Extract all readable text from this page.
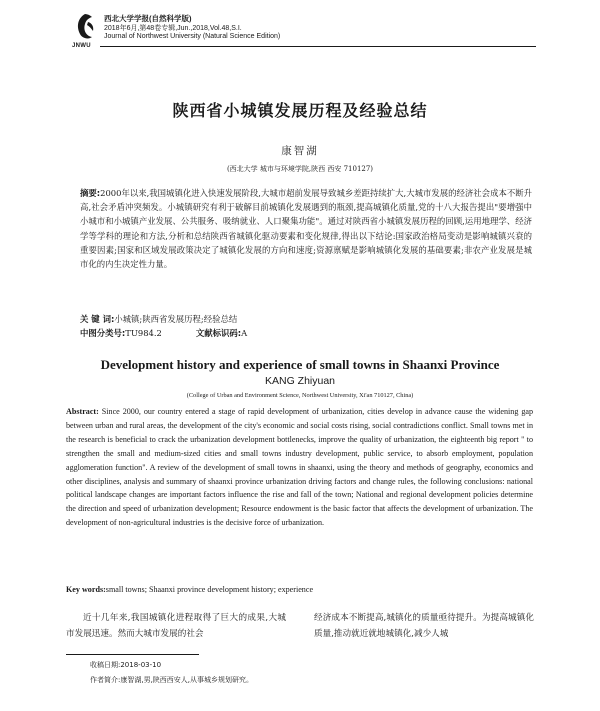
JNWU
西北大学学报(自然科学版)
2018年6月,第48卷专辑,Jun.,2018,Vol.48,S.I.
Journal of Northwest University (Natural Science Edition)
陕西省小城镇发展历程及经验总结
康智湖
(西北大学 城市与环境学院,陕西 西安 710127)
摘要:2000年以来,我国城镇化进入快速发展阶段,大城市超前发展导致城乡差距持续扩大,大城市发展的经济社会成本不断升高,社会矛盾冲突频发。小城镇研究有利于破解目前城镇化发展遇到的瓶颈,提高城镇化质量,党的十八大报告提出"要增强中小城市和小城镇产业发展、公共服务、吸纳就业、人口聚集功能"。通过对陕西省小城镇发展历程的回顾,运用地理学、经济学等学科的理论和方法,分析和总结陕西省城镇化驱动要素和变化规律,得出以下结论:国家政治格局变动是影响城镇兴衰的重要因素;国家和区域发展政策决定了城镇化发展的方向和速度;资源禀赋是影响城镇化发展的基础要素;非农产业发展是城市化的内生决定性力量。
关 键 词:小城镇;陕西省发展历程;经验总结
中图分类号:TU984.2	文献标识码:A
Development history and experience of small towns in Shaanxi Province
KANG Zhiyuan
(College of Urban and Environment Science, Northwest University, Xi'an 710127, China)
Abstract: Since 2000, our country entered a stage of rapid development of urbanization, cities develop in advance cause the widening gap between urban and rural areas, the development of the city's economic and social costs rising, social contradictions conflict. Small towns met in the research is beneficial to crack the urbanization development bottlenecks, improve the quality of urbanization, the eighteenth big report " to strengthen the small and medium-sized cities and small towns industry development, public service, to absorb employment, population agglomeration function". A review of the development of small towns in shaanxi, using the theory and methods of geography, economics and other disciplines, analysis and summary of shaanxi province urbanization driving factors and change rules, the following conclusions: national political landscape changes are important factors influence the rise and fall of the town; National and regional development policies determine the direction and speed of urbanization development; Resource endowment is the basic factor that affects the development of urbanization. The development of non-agricultural industries is the decisive force of urbanization.
Key words:small towns; Shaanxi province development history; experience
近十几年来,我国城镇化进程取得了巨大的成果,大城市发展迅速。然而大城市发展的社会
经济成本不断提高,城镇化的质量亟待提升。为提高城镇化质量,推动就近就地城镇化,减少人城
收稿日期:2018-03-10
作者简介:康智湖,男,陕西西安人,从事城乡规划研究。
